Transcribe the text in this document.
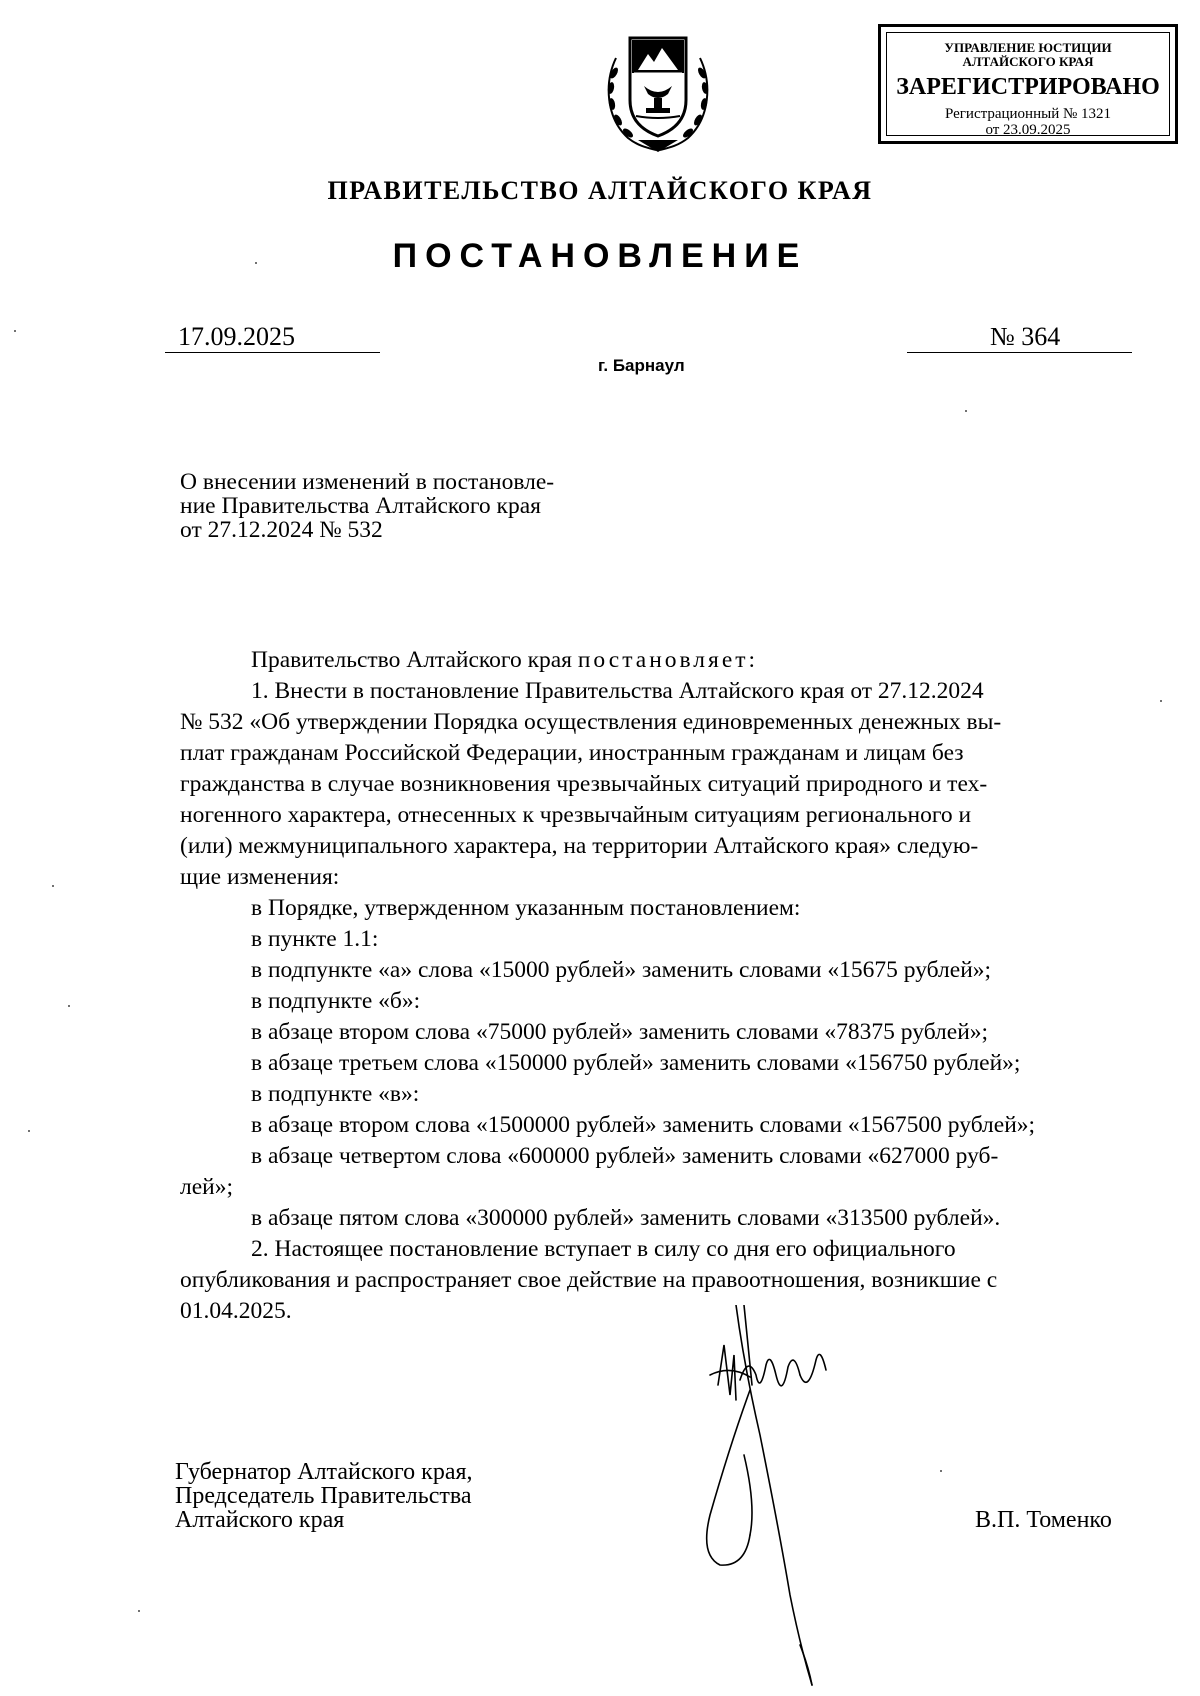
УПРАВЛЕНИЕ ЮСТИЦИИ
АЛТАЙСКОГО КРАЯ
ЗАРЕГИСТРИРОВАНО
Регистрационный № 1321
от 23.09.2025
ПРАВИТЕЛЬСТВО АЛТАЙСКОГО КРАЯ
ПОСТАНОВЛЕНИЕ
17.09.2025	№ 364
г. Барнаул
О внесении изменений в постановле-
ние Правительства Алтайского края
от 27.12.2024 № 532
Правительство Алтайского края постановляет:
1. Внести в постановление Правительства Алтайского края от 27.12.2024
№ 532 «Об утверждении Порядка осуществления единовременных денежных вы-
плат гражданам Российской Федерации, иностранным гражданам и лицам без
гражданства в случае возникновения чрезвычайных ситуаций природного и тех-
ногенного характера, отнесенных к чрезвычайным ситуациям регионального и
(или) межмуниципального характера, на территории Алтайского края» следую-
щие изменения:
в Порядке, утвержденном указанным постановлением:
в пункте 1.1:
в подпункте «а» слова «15000 рублей» заменить словами «15675 рублей»;
в подпункте «б»:
в абзаце втором слова «75000 рублей» заменить словами «78375 рублей»;
в абзаце третьем слова «150000 рублей» заменить словами «156750 рублей»;
в подпункте «в»:
в абзаце втором слова «1500000 рублей» заменить словами «1567500 рублей»;
в абзаце четвертом слова «600000 рублей» заменить словами «627000 руб-
лей»;
в абзаце пятом слова «300000 рублей» заменить словами «313500 рублей».
2. Настоящее постановление вступает в силу со дня его официального
опубликования и распространяет свое действие на правоотношения, возникшие с
01.04.2025.
Губернатор Алтайского края,
Председатель Правительства
Алтайского края	В.П. Томенко
